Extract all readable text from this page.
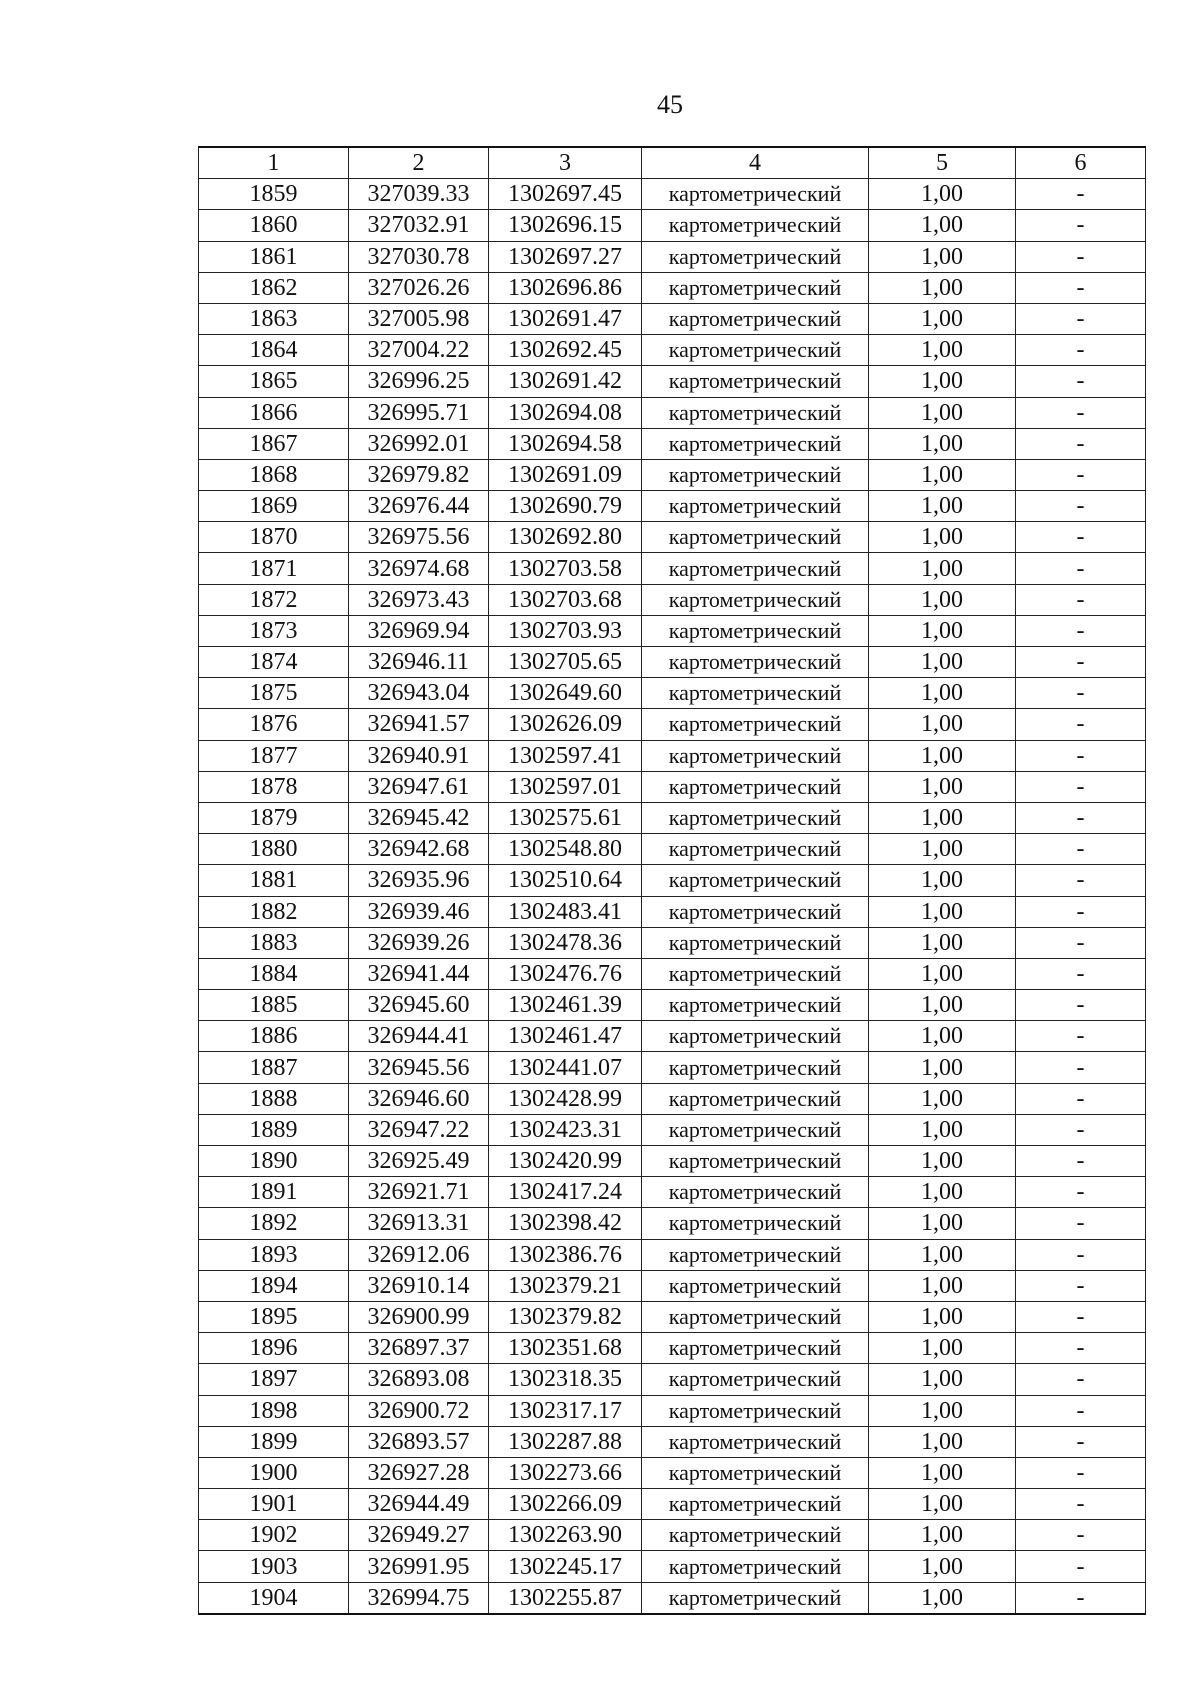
45
1	2	3	4	5	6
1859	327039.33	1302697.45	картометрический	1,00	-
1860	327032.91	1302696.15	картометрический	1,00	-
1861	327030.78	1302697.27	картометрический	1,00	-
1862	327026.26	1302696.86	картометрический	1,00	-
1863	327005.98	1302691.47	картометрический	1,00	-
1864	327004.22	1302692.45	картометрический	1,00	-
1865	326996.25	1302691.42	картометрический	1,00	-
1866	326995.71	1302694.08	картометрический	1,00	-
1867	326992.01	1302694.58	картометрический	1,00	-
1868	326979.82	1302691.09	картометрический	1,00	-
1869	326976.44	1302690.79	картометрический	1,00	-
1870	326975.56	1302692.80	картометрический	1,00	-
1871	326974.68	1302703.58	картометрический	1,00	-
1872	326973.43	1302703.68	картометрический	1,00	-
1873	326969.94	1302703.93	картометрический	1,00	-
1874	326946.11	1302705.65	картометрический	1,00	-
1875	326943.04	1302649.60	картометрический	1,00	-
1876	326941.57	1302626.09	картометрический	1,00	-
1877	326940.91	1302597.41	картометрический	1,00	-
1878	326947.61	1302597.01	картометрический	1,00	-
1879	326945.42	1302575.61	картометрический	1,00	-
1880	326942.68	1302548.80	картометрический	1,00	-
1881	326935.96	1302510.64	картометрический	1,00	-
1882	326939.46	1302483.41	картометрический	1,00	-
1883	326939.26	1302478.36	картометрический	1,00	-
1884	326941.44	1302476.76	картометрический	1,00	-
1885	326945.60	1302461.39	картометрический	1,00	-
1886	326944.41	1302461.47	картометрический	1,00	-
1887	326945.56	1302441.07	картометрический	1,00	-
1888	326946.60	1302428.99	картометрический	1,00	-
1889	326947.22	1302423.31	картометрический	1,00	-
1890	326925.49	1302420.99	картометрический	1,00	-
1891	326921.71	1302417.24	картометрический	1,00	-
1892	326913.31	1302398.42	картометрический	1,00	-
1893	326912.06	1302386.76	картометрический	1,00	-
1894	326910.14	1302379.21	картометрический	1,00	-
1895	326900.99	1302379.82	картометрический	1,00	-
1896	326897.37	1302351.68	картометрический	1,00	-
1897	326893.08	1302318.35	картометрический	1,00	-
1898	326900.72	1302317.17	картометрический	1,00	-
1899	326893.57	1302287.88	картометрический	1,00	-
1900	326927.28	1302273.66	картометрический	1,00	-
1901	326944.49	1302266.09	картометрический	1,00	-
1902	326949.27	1302263.90	картометрический	1,00	-
1903	326991.95	1302245.17	картометрический	1,00	-
1904	326994.75	1302255.87	картометрический	1,00	-
